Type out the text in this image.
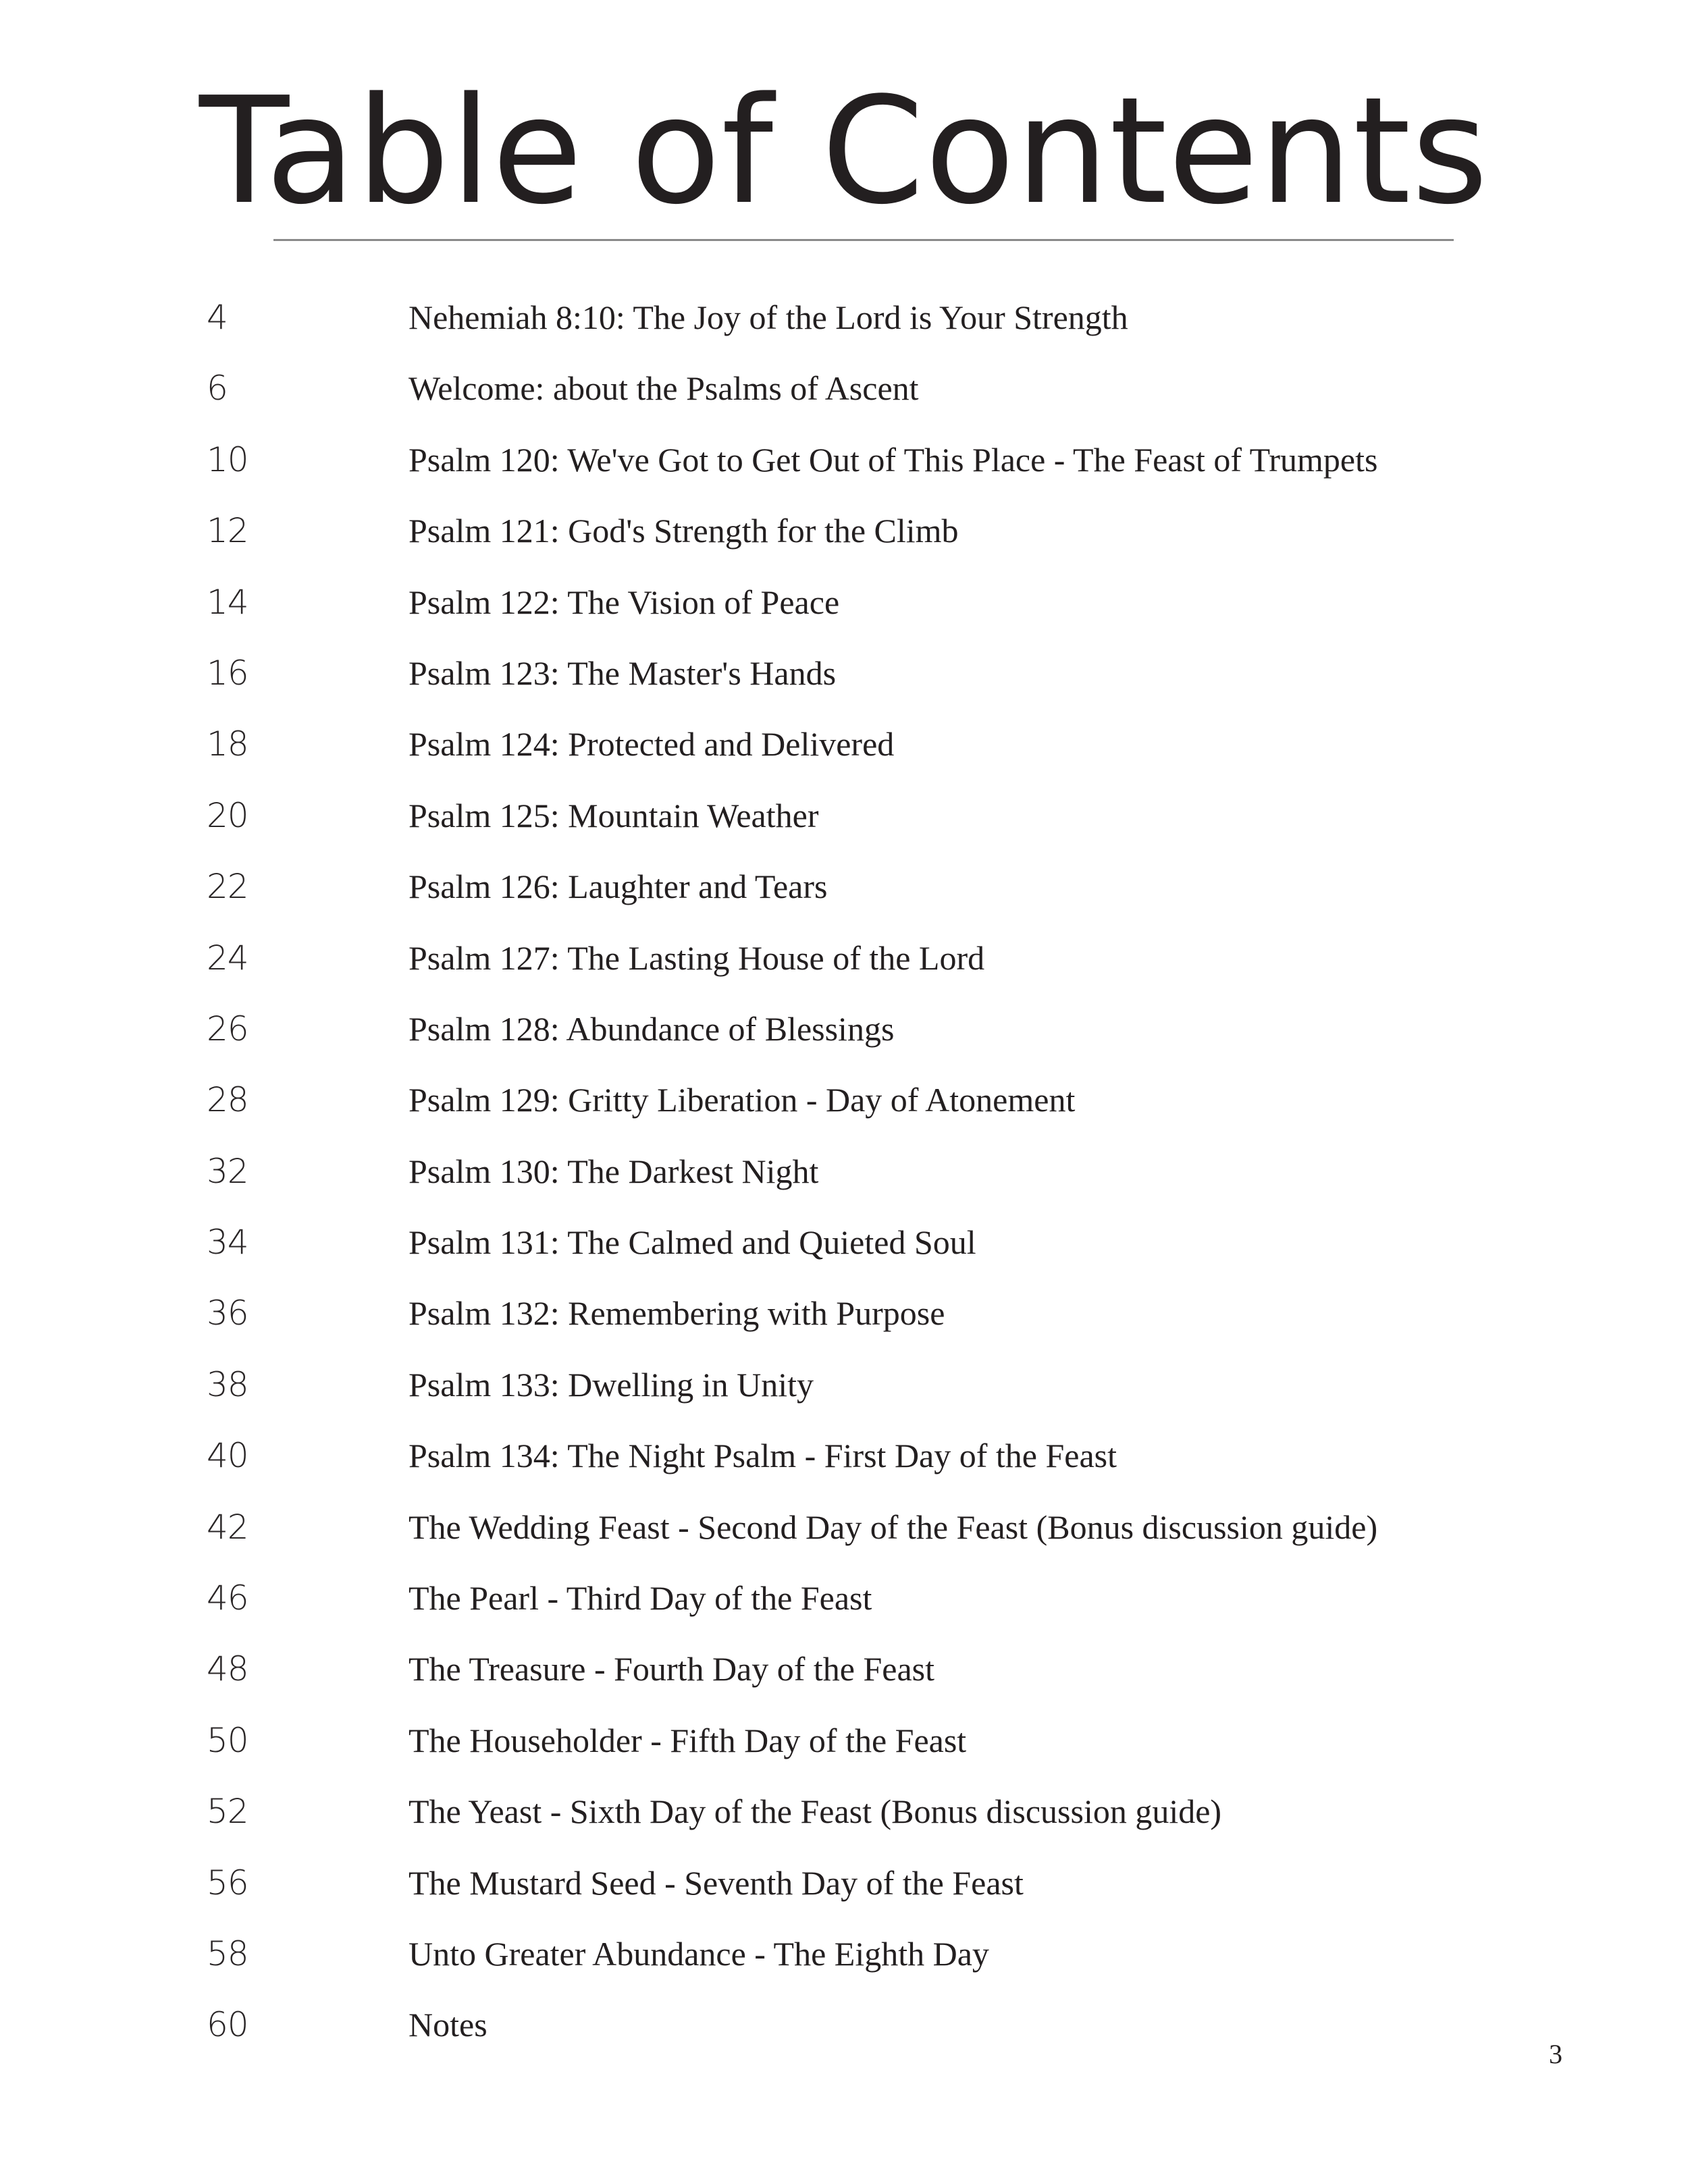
Table of Contents
4	Nehemiah 8:10: The Joy of the Lord is Your Strength
6	Welcome: about the Psalms of Ascent
10	Psalm 120: We've Got to Get Out of This Place - The Feast of Trumpets
12	Psalm 121: God's Strength for the Climb
14	Psalm 122: The Vision of Peace
16	Psalm 123: The Master's Hands
18	Psalm 124: Protected and Delivered
20	Psalm 125: Mountain Weather
22	Psalm 126: Laughter and Tears
24	Psalm 127: The Lasting House of the Lord
26	Psalm 128: Abundance of Blessings
28	Psalm 129: Gritty Liberation - Day of Atonement
32	Psalm 130: The Darkest Night
34	Psalm 131: The Calmed and Quieted Soul
36	Psalm 132: Remembering with Purpose
38	Psalm 133: Dwelling in Unity
40	Psalm 134: The Night Psalm - First Day of the Feast
42	The Wedding Feast - Second Day of the Feast (Bonus discussion guide)
46	The Pearl - Third Day of the Feast
48	The Treasure - Fourth Day of the Feast
50	The Householder - Fifth Day of the Feast
52	The Yeast - Sixth Day of the Feast (Bonus discussion guide)
56	The Mustard Seed - Seventh Day of the Feast
58	Unto Greater Abundance - The Eighth Day
60	Notes
3
